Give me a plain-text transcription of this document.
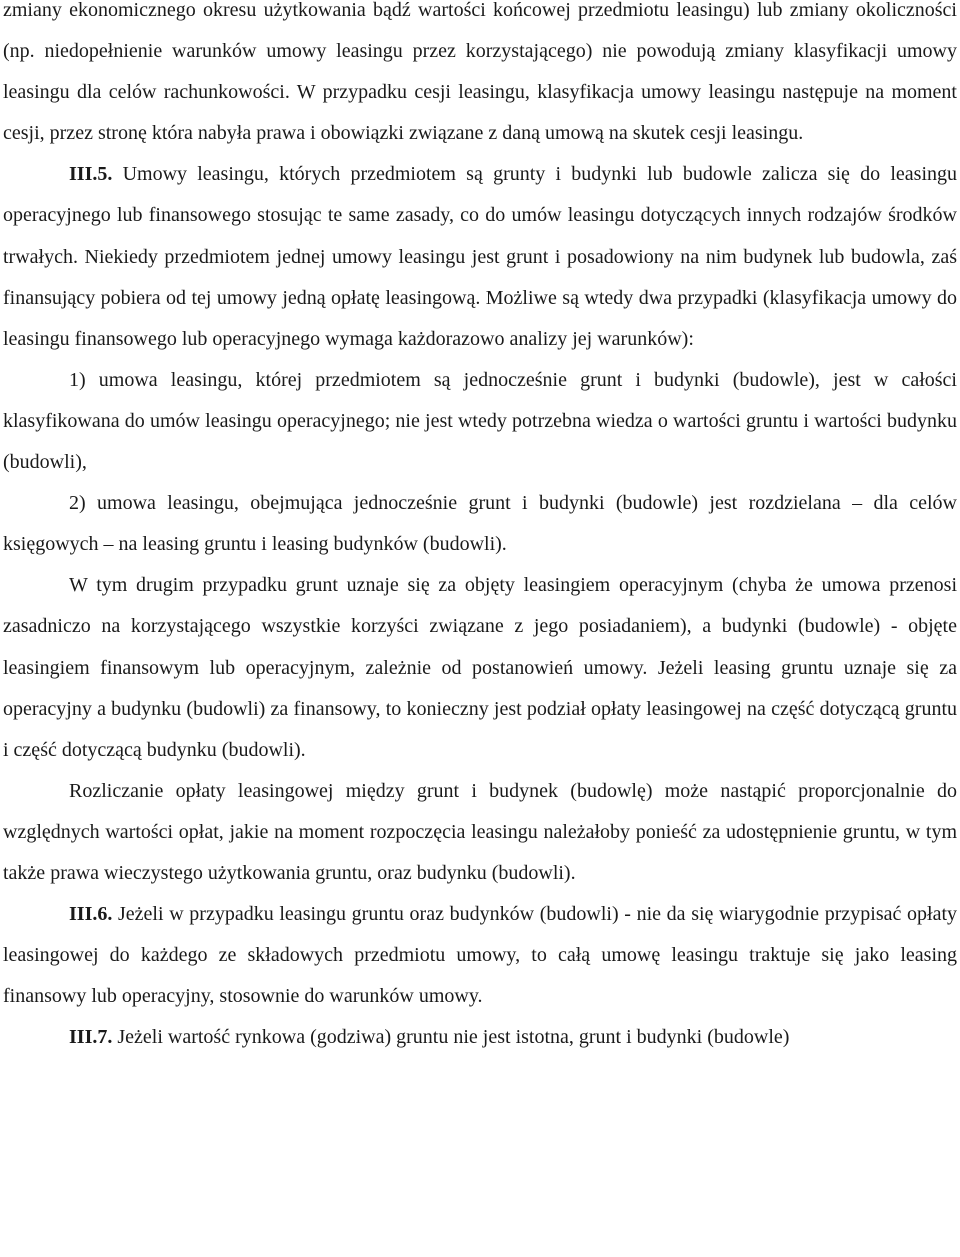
zmiany ekonomicznego okresu użytkowania bądź wartości końcowej przedmiotu leasingu) lub zmiany okoliczności (np. niedopełnienie warunków umowy leasingu przez korzystającego) nie powodują zmiany klasyfikacji umowy leasingu dla celów rachunkowości. W przypadku cesji leasingu, klasyfikacja umowy leasingu następuje na moment cesji, przez stronę która nabyła prawa i obowiązki związane z daną umową na skutek cesji leasingu.

III.5. Umowy leasingu, których przedmiotem są grunty i budynki lub budowle zalicza się do leasingu operacyjnego lub finansowego stosując te same zasady, co do umów leasingu dotyczących innych rodzajów środków trwałych. Niekiedy przedmiotem jednej umowy leasingu jest grunt i posadowiony na nim budynek lub budowla, zaś finansujący pobiera od tej umowy jedną opłatę leasingową. Możliwe są wtedy dwa przypadki (klasyfikacja umowy do leasingu finansowego lub operacyjnego wymaga każdorazowo analizy jej warunków):

1) umowa leasingu, której przedmiotem są jednocześnie grunt i budynki (budowle), jest w całości klasyfikowana do umów leasingu operacyjnego; nie jest wtedy potrzebna wiedza o wartości gruntu i wartości budynku (budowli),

2) umowa leasingu, obejmująca jednocześnie grunt i budynki (budowle) jest rozdzielana – dla celów księgowych – na leasing gruntu i leasing budynków (budowli).

W tym drugim przypadku grunt uznaje się za objęty leasingiem operacyjnym (chyba że umowa przenosi zasadniczo na korzystającego wszystkie korzyści związane z jego posiadaniem), a budynki (budowle) - objęte leasingiem finansowym lub operacyjnym, zależnie od postanowień umowy. Jeżeli leasing gruntu uznaje się za operacyjny a budynku (budowli) za finansowy, to konieczny jest podział opłaty leasingowej na część dotyczącą gruntu i część dotyczącą budynku (budowli).

Rozliczanie opłaty leasingowej między grunt i budynek (budowlę) może nastąpić proporcjonalnie do względnych wartości opłat, jakie na moment rozpoczęcia leasingu należałoby ponieść za udostępnienie gruntu, w tym także prawa wieczystego użytkowania gruntu, oraz budynku (budowli).

III.6. Jeżeli w przypadku leasingu gruntu oraz budynków (budowli) - nie da się wiarygodnie przypisać opłaty leasingowej do każdego ze składowych przedmiotu umowy, to całą umowę leasingu traktuje się jako leasing finansowy lub operacyjny, stosownie do warunków umowy.

III.7. Jeżeli wartość rynkowa (godziwa) gruntu nie jest istotna, grunt i budynki (budowle)
